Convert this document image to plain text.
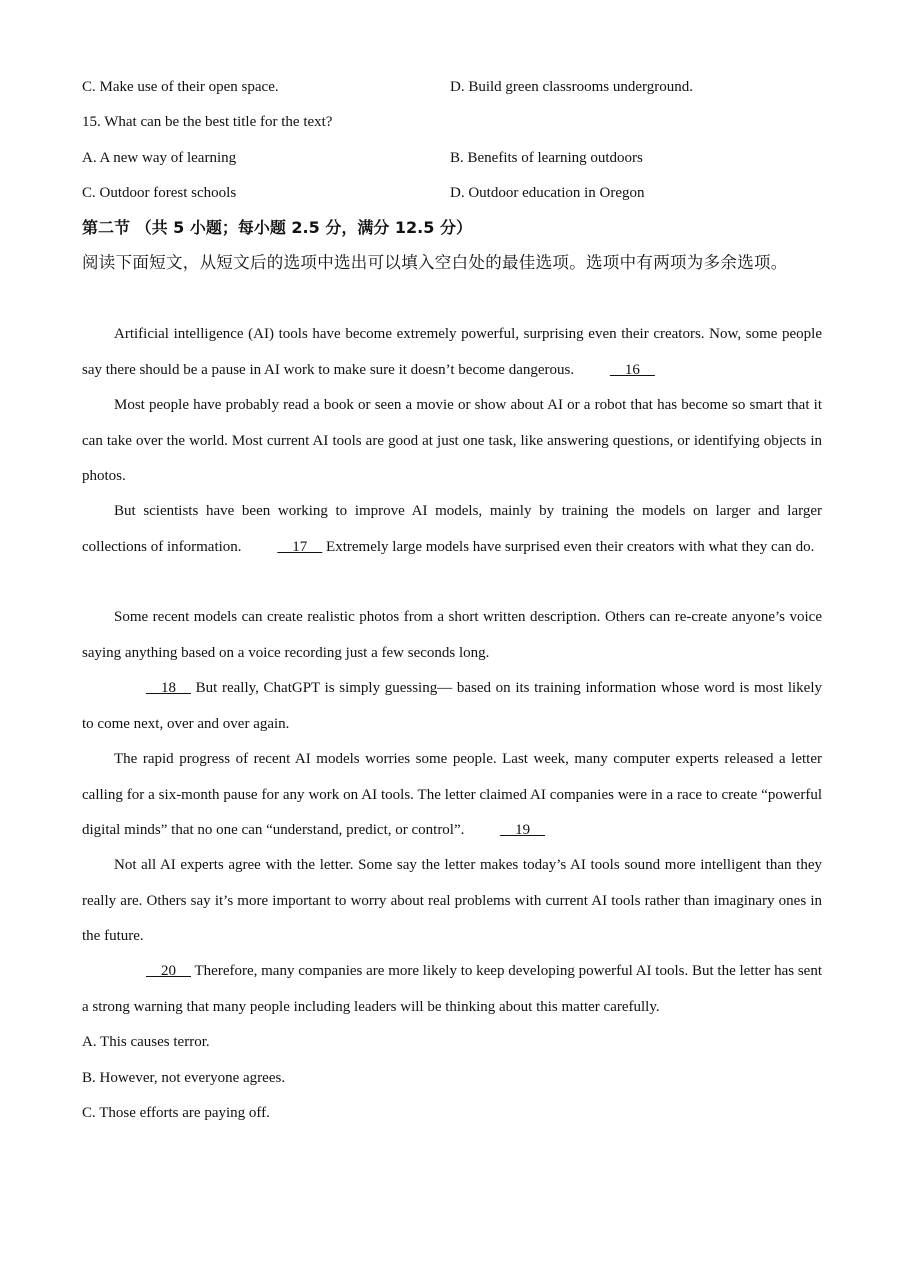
C. Make use of their open space.	D. Build green classrooms underground.
15. What can be the best title for the text?
A. A new way of learning	B. Benefits of learning outdoors
C. Outdoor forest schools	D. Outdoor education in Oregon
第二节 （共 5 小题；每小题 2.5 分，满分 12.5 分）
阅读下面短文，从短文后的选项中选出可以填入空白处的最佳选项。选项中有两项为多余选项。
Artificial intelligence (AI) tools have become extremely powerful, surprising even their creators. Now, some people say there should be a pause in AI work to make sure it doesn’t become dangerous.     16
Most people have probably read a book or seen a movie or show about AI or a robot that has become so smart that it can take over the world. Most current AI tools are good at just one task, like answering questions, or identifying objects in photos.
But scientists have been working to improve AI models, mainly by training the models on larger and larger collections of information.     17     Extremely large models have surprised even their creators with what they can do.
Some recent models can create realistic photos from a short written description. Others can re-create anyone’s voice saying anything based on a voice recording just a few seconds long.
18     But really, ChatGPT is simply guessing— based on its training information whose word is most likely to come next, over and over again.
The rapid progress of recent AI models worries some people. Last week, many computer experts released a letter calling for a six-month pause for any work on AI tools. The letter claimed AI companies were in a race to create “powerful digital minds” that no one can “understand, predict, or control”.     19
Not all AI experts agree with the letter. Some say the letter makes today’s AI tools sound more intelligent than they really are. Others say it’s more important to worry about real problems with current AI tools rather than imaginary ones in the future.
20     Therefore, many companies are more likely to keep developing powerful AI tools. But the letter has sent a strong warning that many people including leaders will be thinking about this matter carefully.
A. This causes terror.
B. However, not everyone agrees.
C. Those efforts are paying off.
